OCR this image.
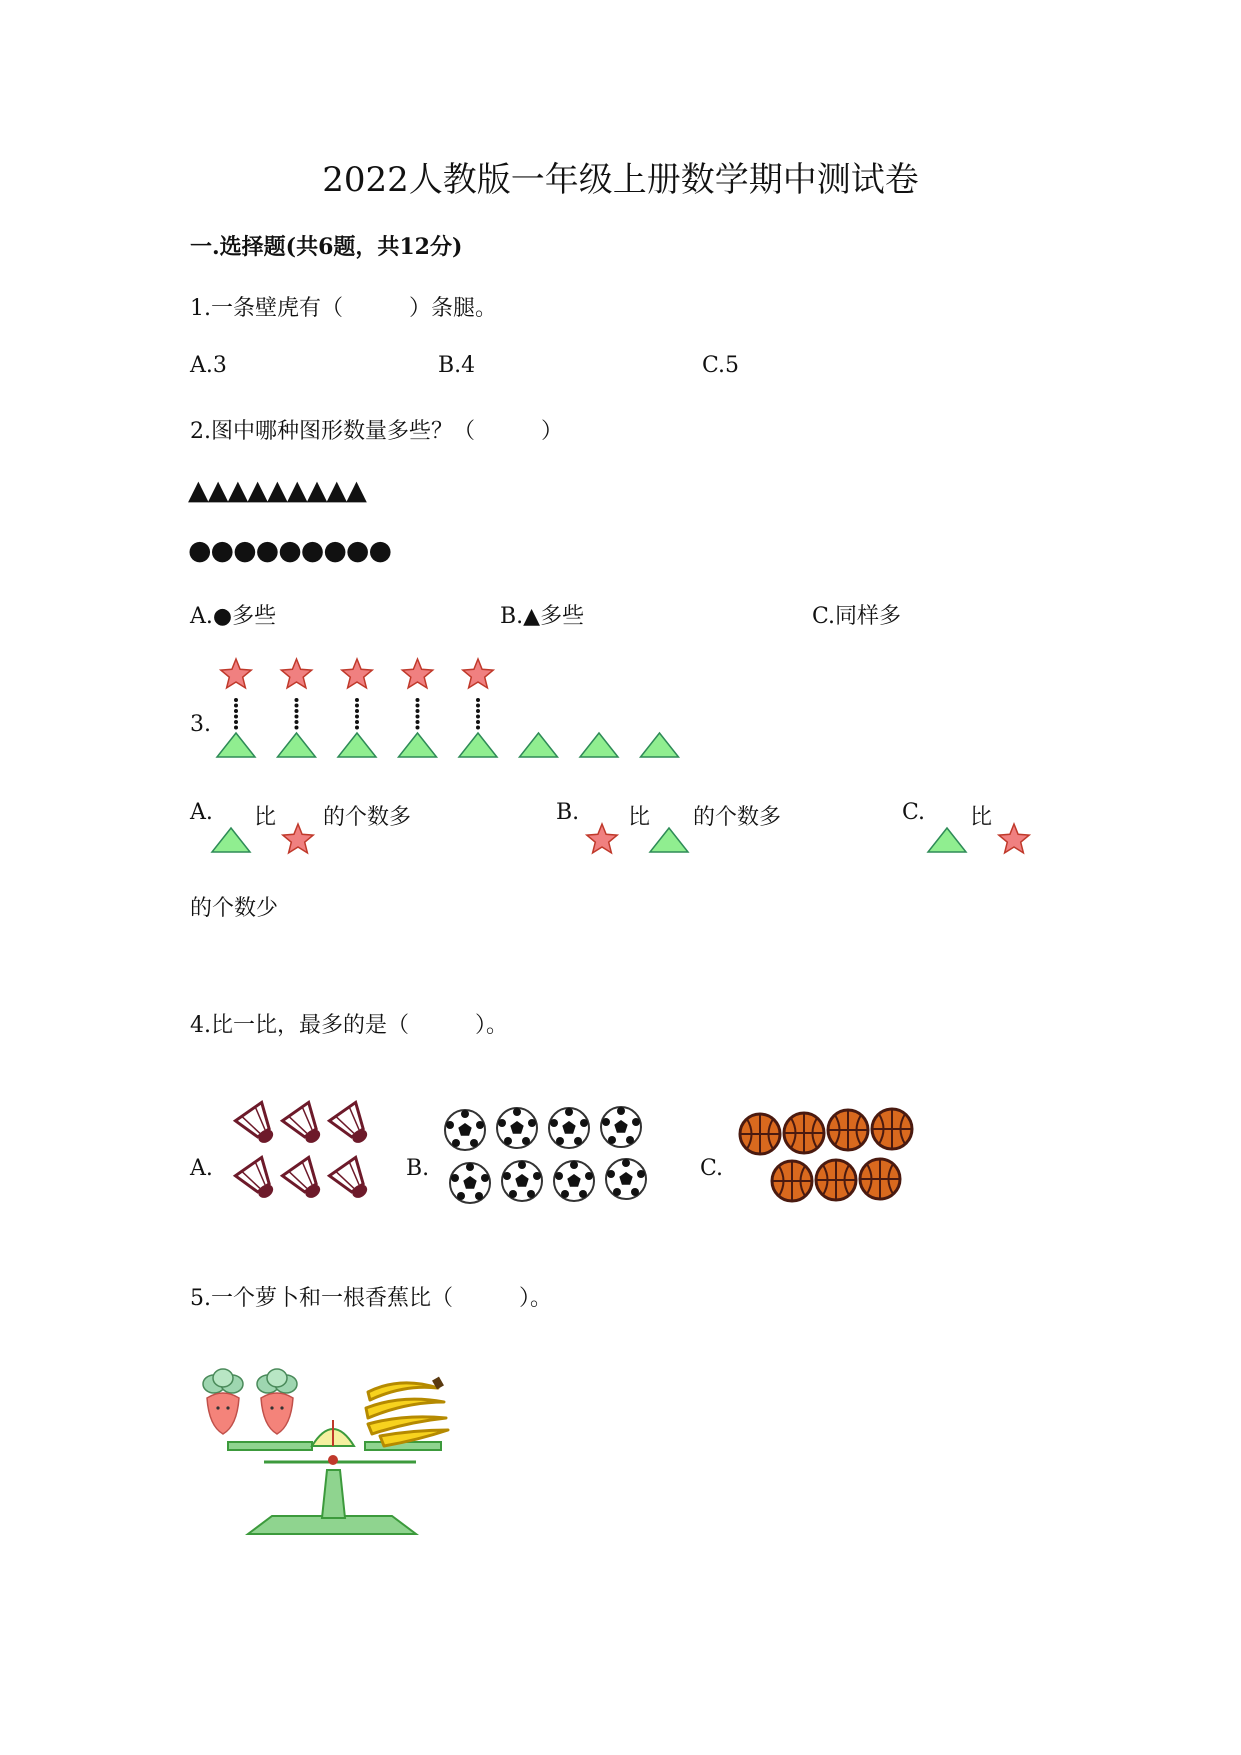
2022人教版一年级上册数学期中测试卷
一.选择题(共6题，共12分)
1.一条壁虎有（　　　）条腿。
A.3	B.4	C.5
2.图中哪种图形数量多些？（　　　）
▲▲▲▲▲▲▲▲▲
●●●●●●●●●
A.●多些	B.▲多些	C.同样多
3.
A. 比 的个数多	B. 比 的个数多	C. 比
的个数少
4.比一比，最多的是（　　　）。
A.	B.	C.
5.一个萝卜和一根香蕉比（　　　）。
